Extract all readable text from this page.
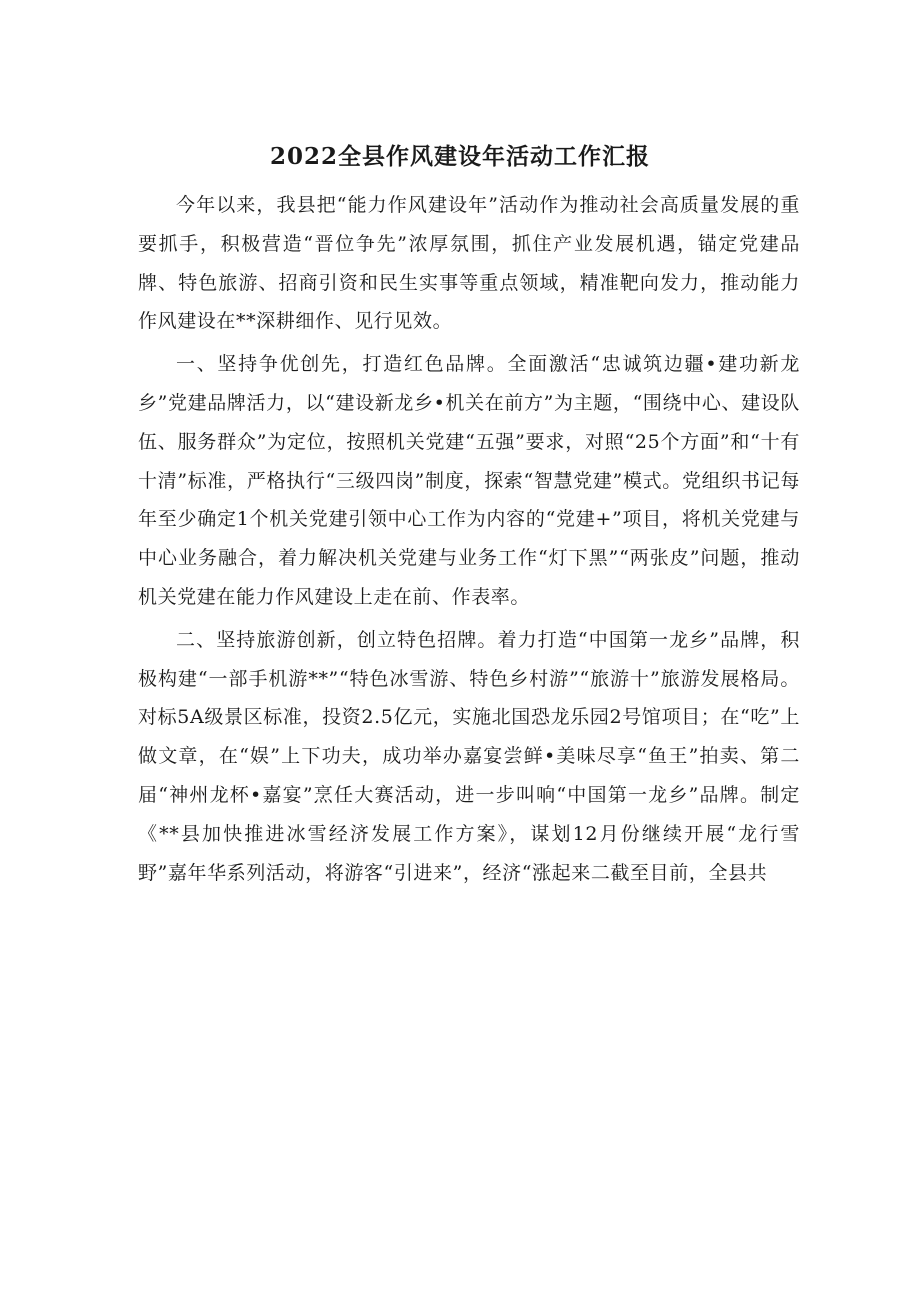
2022全县作风建设年活动工作汇报

今年以来，我县把“能力作风建设年”活动作为推动社会高质量发展的重要抓手，积极营造“晋位争先”浓厚氛围，抓住产业发展机遇，锚定党建品牌、特色旅游、招商引资和民生实事等重点领域，精准靶向发力，推动能力作风建设在**深耕细作、见行见效。

一、坚持争优创先，打造红色品牌。全面激活“忠诚筑边疆•建功新龙乡”党建品牌活力，以“建设新龙乡•机关在前方”为主题，“围绕中心、建设队伍、服务群众”为定位，按照机关党建“五强”要求，对照“25个方面”和“十有十清”标准，严格执行“三级四岗”制度，探索“智慧党建”模式。党组织书记每年至少确定1个机关党建引领中心工作为内容的“党建+”项目，将机关党建与中心业务融合，着力解决机关党建与业务工作“灯下黑”“两张皮”问题，推动机关党建在能力作风建设上走在前、作表率。

二、坚持旅游创新，创立特色招牌。着力打造“中国第一龙乡”品牌，积极构建“一部手机游**”“特色冰雪游、特色乡村游”“旅游十”旅游发展格局。对标5A级景区标准，投资2.5亿元，实施北国恐龙乐园2号馆项目；在“吃”上做文章，在“娱”上下功夫，成功举办嘉宴尝鲜•美味尽享“鱼王”拍卖、第二届“神州龙杯•嘉宴”烹任大赛活动，进一步叫响“中国第一龙乡”品牌。制定《**县加快推进冰雪经济发展工作方案》，谋划12月份继续开展“龙行雪野”嘉年华系列活动，将游客“引进来”，经济“涨起来二截至目前，全县共
